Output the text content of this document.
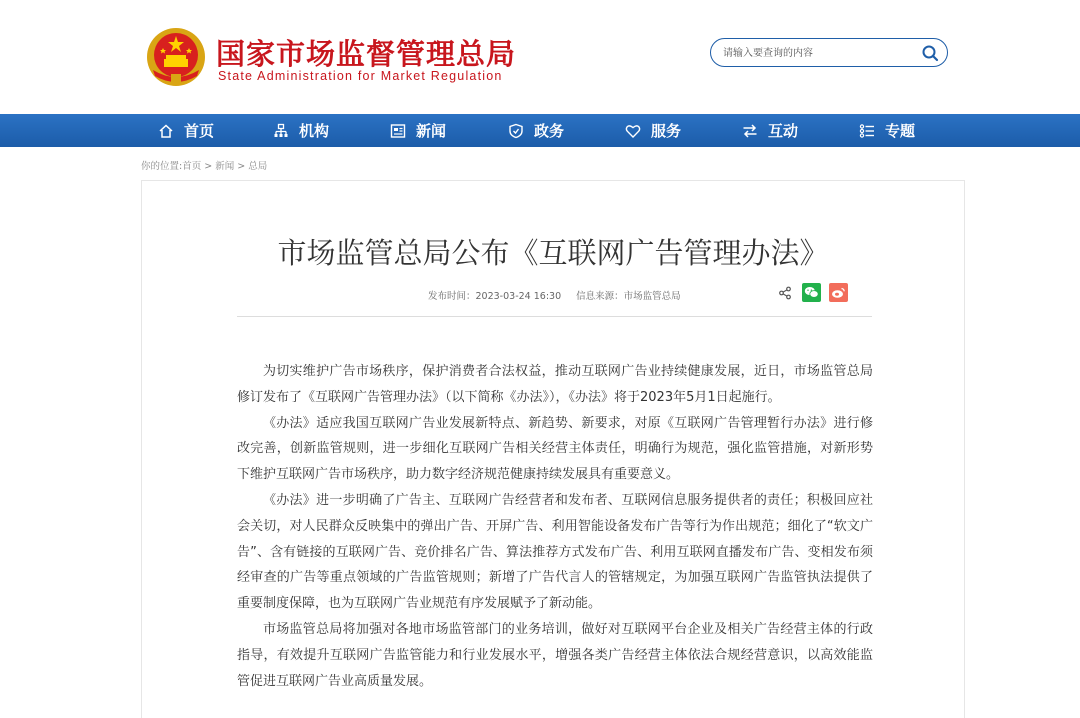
国家市场监督管理总局
State Administration for Market Regulation
请输入要查询的内容
首页	机构	新闻	政务	服务	互动	专题
你的位置:首页 > 新闻 > 总局
市场监管总局公布《互联网广告管理办法》
发布时间：2023-03-24 16:30 信息来源：市场监管总局

为切实维护广告市场秩序，保护消费者合法权益，推动互联网广告业持续健康发展，近日，市场监管总局修订发布了《互联网广告管理办法》（以下简称《办法》），《办法》将于2023年5月1日起施行。

《办法》适应我国互联网广告业发展新特点、新趋势、新要求，对原《互联网广告管理暂行办法》进行修改完善，创新监管规则，进一步细化互联网广告相关经营主体责任，明确行为规范，强化监管措施，对新形势下维护互联网广告市场秩序，助力数字经济规范健康持续发展具有重要意义。

《办法》进一步明确了广告主、互联网广告经营者和发布者、互联网信息服务提供者的责任；积极回应社会关切，对人民群众反映集中的弹出广告、开屏广告、利用智能设备发布广告等行为作出规范；细化了“软文广告”、含有链接的互联网广告、竞价排名广告、算法推荐方式发布广告、利用互联网直播发布广告、变相发布须经审查的广告等重点领域的广告监管规则；新增了广告代言人的管辖规定，为加强互联网广告监管执法提供了重要制度保障，也为互联网广告业规范有序发展赋予了新动能。

市场监管总局将加强对各地市场监管部门的业务培训，做好对互联网平台企业及相关广告经营主体的行政指导，有效提升互联网广告监管能力和行业发展水平，增强各类广告经营主体依法合规经营意识，以高效能监管促进互联网广告业高质量发展。
